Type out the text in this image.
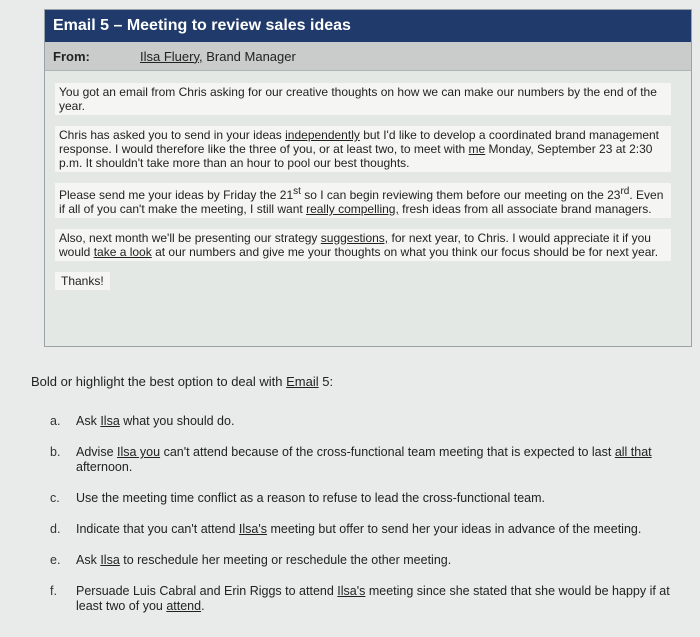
Email 5 – Meeting to review sales ideas
From:	Ilsa Fluery, Brand Manager
You got an email from Chris asking for our creative thoughts on how we can make our numbers by the end of the year.
Chris has asked you to send in your ideas independently but I'd like to develop a coordinated brand management response. I would therefore like the three of you, or at least two, to meet with me Monday, September 23 at 2:30 p.m. It shouldn't take more than an hour to pool our best thoughts.
Please send me your ideas by Friday the 21st so I can begin reviewing them before our meeting on the 23rd. Even if all of you can't make the meeting, I still want really compelling, fresh ideas from all associate brand managers.
Also, next month we'll be presenting our strategy suggestions, for next year, to Chris. I would appreciate it if you would take a look at our numbers and give me your thoughts on what you think our focus should be for next year.
Thanks!
Bold or highlight the best option to deal with Email 5:
a.	Ask Ilsa what you should do.
b.	Advise Ilsa you can't attend because of the cross-functional team meeting that is expected to last all that afternoon.
c.	Use the meeting time conflict as a reason to refuse to lead the cross-functional team.
d.	Indicate that you can't attend Ilsa's meeting but offer to send her your ideas in advance of the meeting.
e.	Ask Ilsa to reschedule her meeting or reschedule the other meeting.
f.	Persuade Luis Cabral and Erin Riggs to attend Ilsa's meeting since she stated that she would be happy if at least two of you attend.
